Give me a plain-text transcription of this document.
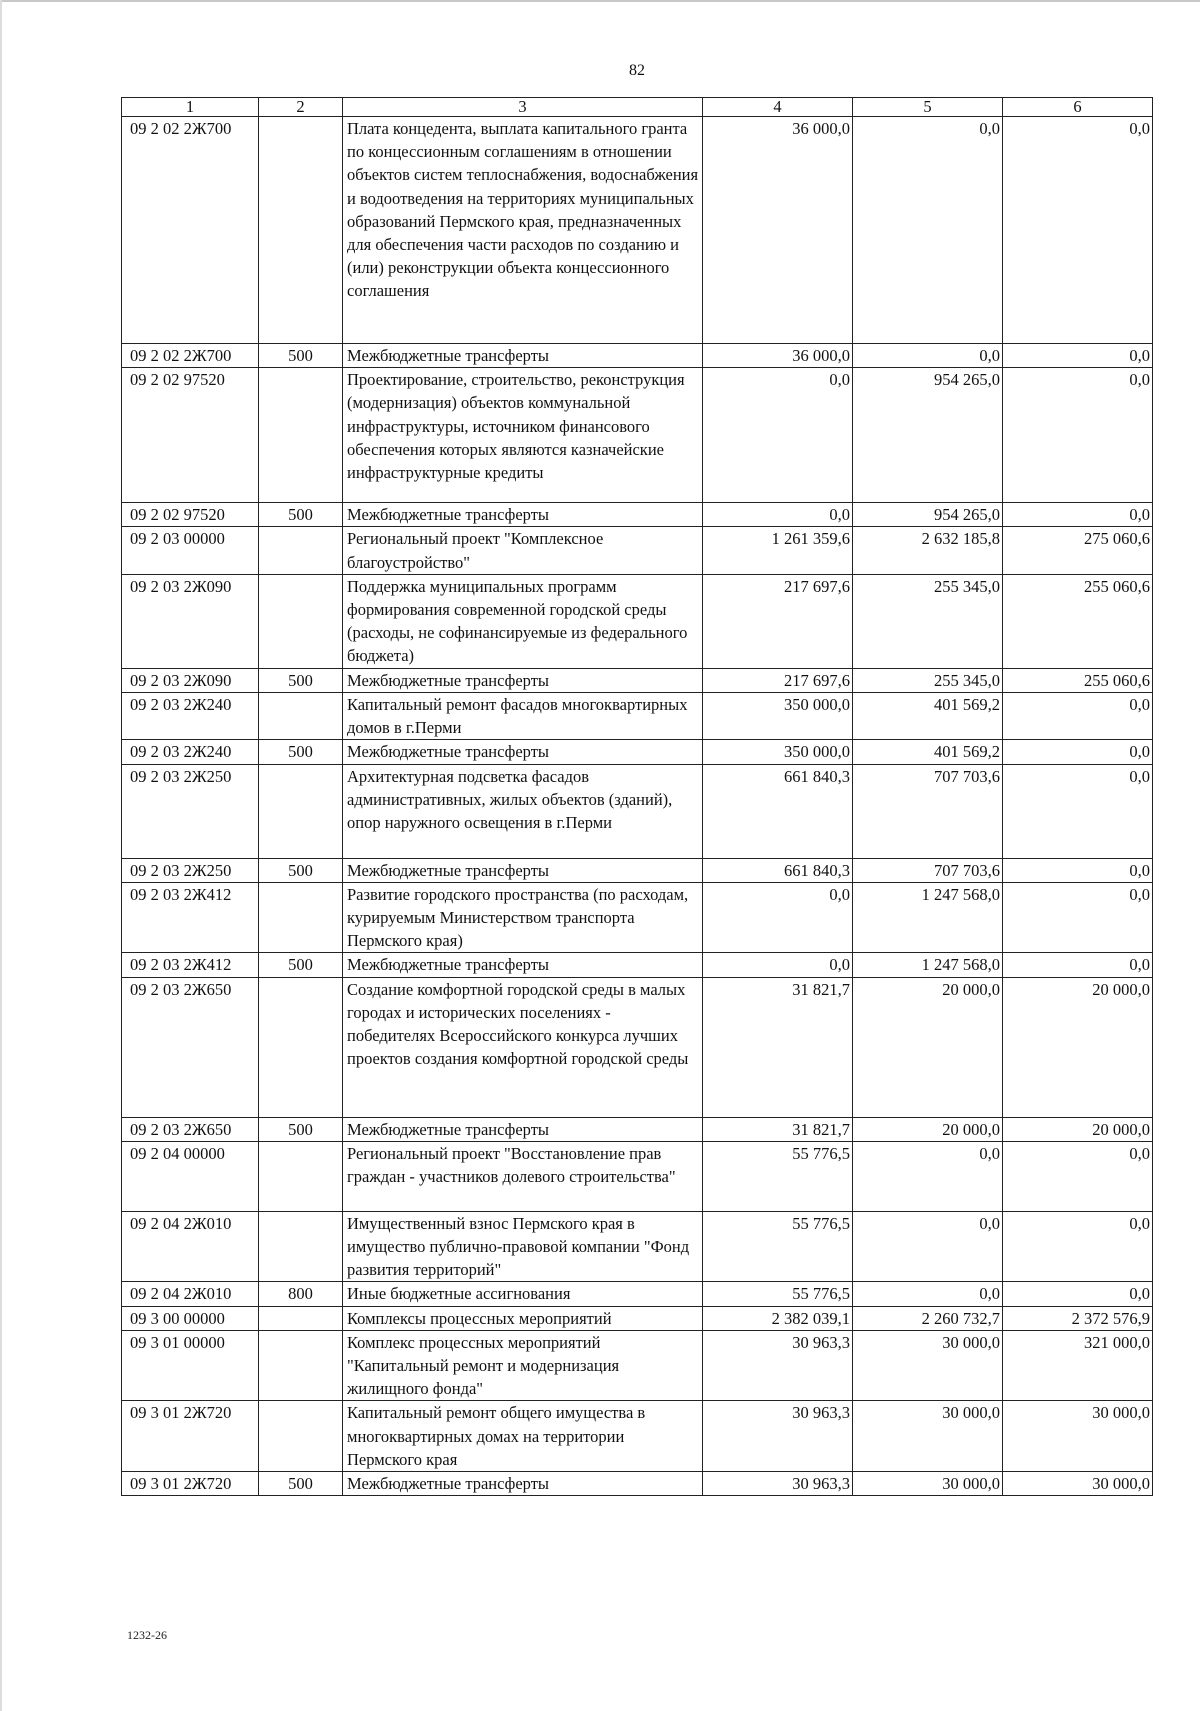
82
1	2	3	4	5	6
09 2 02 2Ж700		Плата концедента, выплата капитального гранта по концессионным соглашениям в отношении объектов систем теплоснабжения, водоснабжения и водоотведения на территориях муниципальных образований Пермского края, предназначенных для обеспечения части расходов по созданию и (или) реконструкции объекта концессионного соглашения	36 000,0	0,0	0,0
09 2 02 2Ж700	500	Межбюджетные трансферты	36 000,0	0,0	0,0
09 2 02 97520		Проектирование, строительство, реконструкция (модернизация) объектов коммунальной инфраструктуры, источником финансового обеспечения которых являются казначейские инфраструктурные кредиты	0,0	954 265,0	0,0
09 2 02 97520	500	Межбюджетные трансферты	0,0	954 265,0	0,0
09 2 03 00000		Региональный проект "Комплексное благоустройство"	1 261 359,6	2 632 185,8	275 060,6
09 2 03 2Ж090		Поддержка муниципальных программ формирования современной городской среды (расходы, не софинансируемые из федерального бюджета)	217 697,6	255 345,0	255 060,6
09 2 03 2Ж090	500	Межбюджетные трансферты	217 697,6	255 345,0	255 060,6
09 2 03 2Ж240		Капитальный ремонт фасадов многоквартирных домов в г.Перми	350 000,0	401 569,2	0,0
09 2 03 2Ж240	500	Межбюджетные трансферты	350 000,0	401 569,2	0,0
09 2 03 2Ж250		Архитектурная подсветка фасадов административных, жилых объектов (зданий), опор наружного освещения в г.Перми	661 840,3	707 703,6	0,0
09 2 03 2Ж250	500	Межбюджетные трансферты	661 840,3	707 703,6	0,0
09 2 03 2Ж412		Развитие городского пространства (по расходам, курируемым Министерством транспорта Пермского края)	0,0	1 247 568,0	0,0
09 2 03 2Ж412	500	Межбюджетные трансферты	0,0	1 247 568,0	0,0
09 2 03 2Ж650		Создание комфортной городской среды в малых городах и исторических поселениях - победителях Всероссийского конкурса лучших проектов создания комфортной городской среды	31 821,7	20 000,0	20 000,0
09 2 03 2Ж650	500	Межбюджетные трансферты	31 821,7	20 000,0	20 000,0
09 2 04 00000		Региональный проект "Восстановление прав граждан - участников долевого строительства"	55 776,5	0,0	0,0
09 2 04 2Ж010		Имущественный взнос Пермского края в имущество публично-правовой компании "Фонд развития территорий"	55 776,5	0,0	0,0
09 2 04 2Ж010	800	Иные бюджетные ассигнования	55 776,5	0,0	0,0
09 3 00 00000		Комплексы процессных мероприятий	2 382 039,1	2 260 732,7	2 372 576,9
09 3 01 00000		Комплекс процессных мероприятий "Капитальный ремонт и модернизация жилищного фонда"	30 963,3	30 000,0	321 000,0
09 3 01 2Ж720		Капитальный ремонт общего имущества в многоквартирных домах на территории Пермского края	30 963,3	30 000,0	30 000,0
09 3 01 2Ж720	500	Межбюджетные трансферты	30 963,3	30 000,0	30 000,0
1232-26
